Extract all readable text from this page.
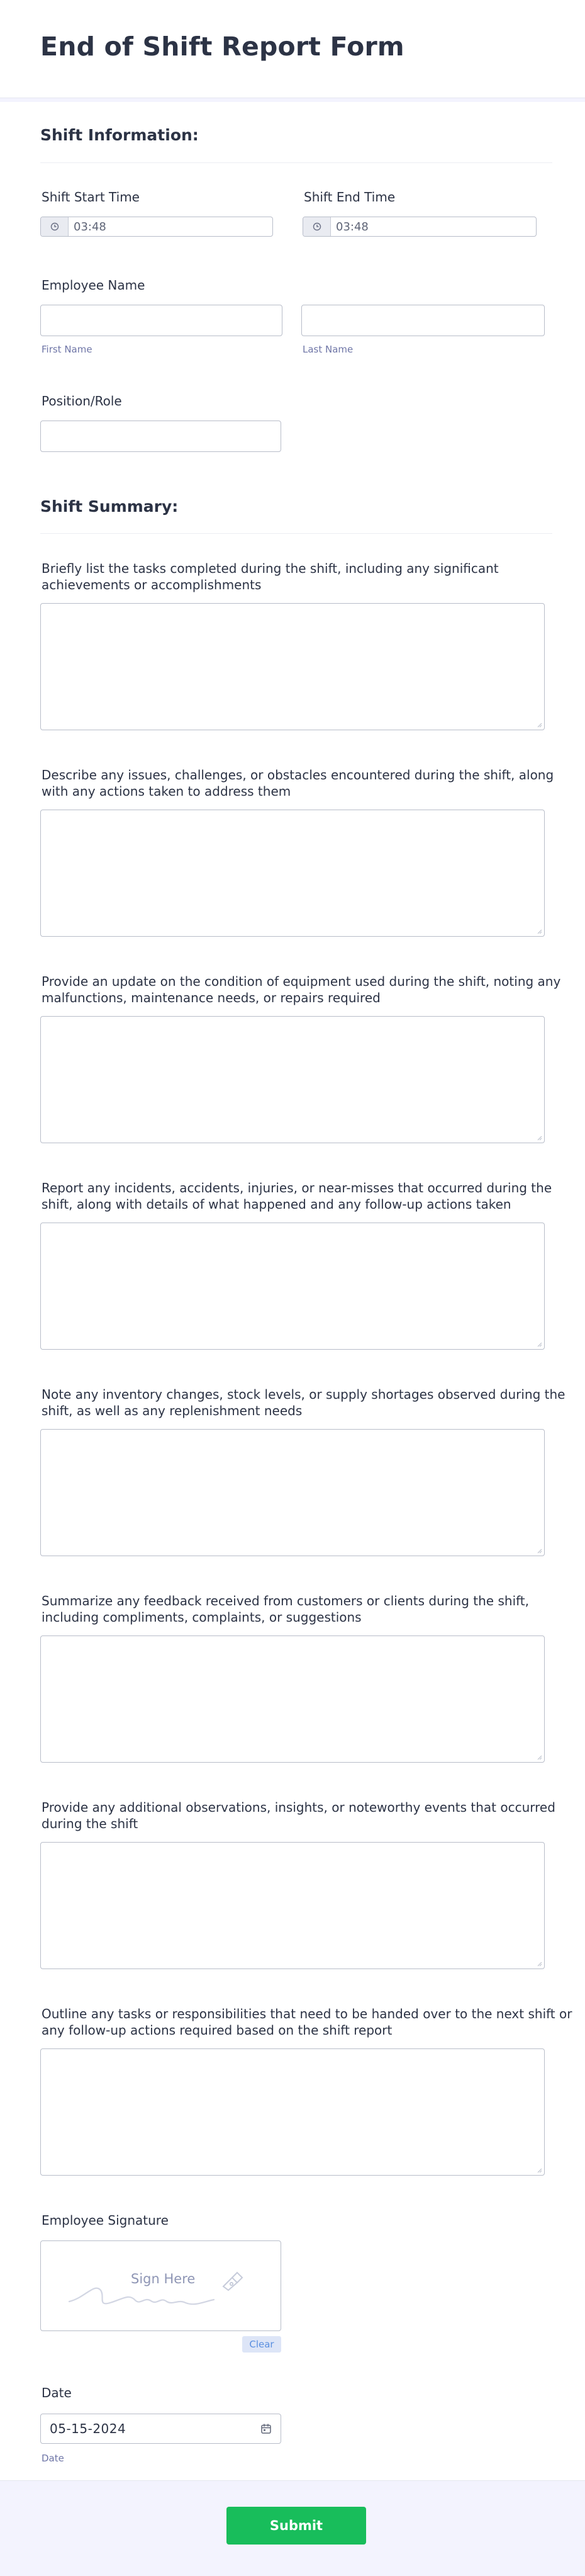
End of Shift Report Form
Shift Information:
Shift Start Time
03:48
Shift End Time
03:48
Employee Name
First Name	Last Name
Position/Role
Shift Summary:
Briefly list the tasks completed during the shift, including any significant
achievements or accomplishments
Describe any issues, challenges, or obstacles encountered during the shift, along
with any actions taken to address them
Provide an update on the condition of equipment used during the shift, noting any
malfunctions, maintenance needs, or repairs required
Report any incidents, accidents, injuries, or near-misses that occurred during the
shift, along with details of what happened and any follow-up actions taken
Note any inventory changes, stock levels, or supply shortages observed during the
shift, as well as any replenishment needs
Summarize any feedback received from customers or clients during the shift,
including compliments, complaints, or suggestions
Provide any additional observations, insights, or noteworthy events that occurred
during the shift
Outline any tasks or responsibilities that need to be handed over to the next shift or
any follow-up actions required based on the shift report
Employee Signature
Sign Here
Clear
Date
05-15-2024
Date
Submit
